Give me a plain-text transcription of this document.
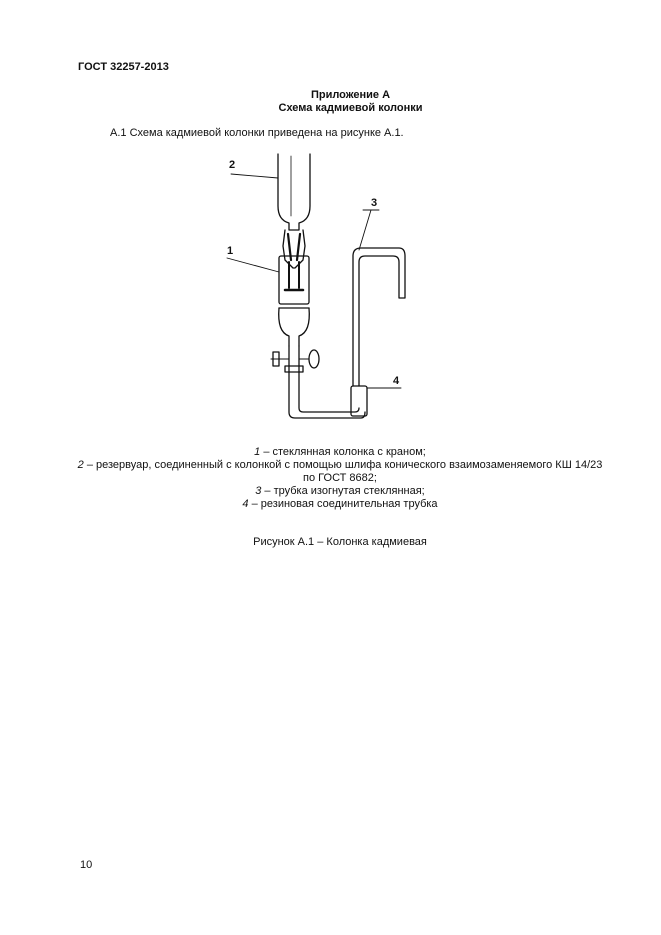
ГОСТ 32257-2013
Приложение А
Схема кадмиевой колонки
А.1 Схема кадмиевой колонки приведена на рисунке А.1.
2
3
1
4
1 – стеклянная колонка с краном;
2 – резервуар, соединенный с колонкой с помощью шлифа конического взаимозаменяемого КШ 14/23
по ГОСТ 8682;
3 – трубка изогнутая стеклянная;
4 – резиновая соединительная трубка
Рисунок А.1 – Колонка кадмиевая
10
